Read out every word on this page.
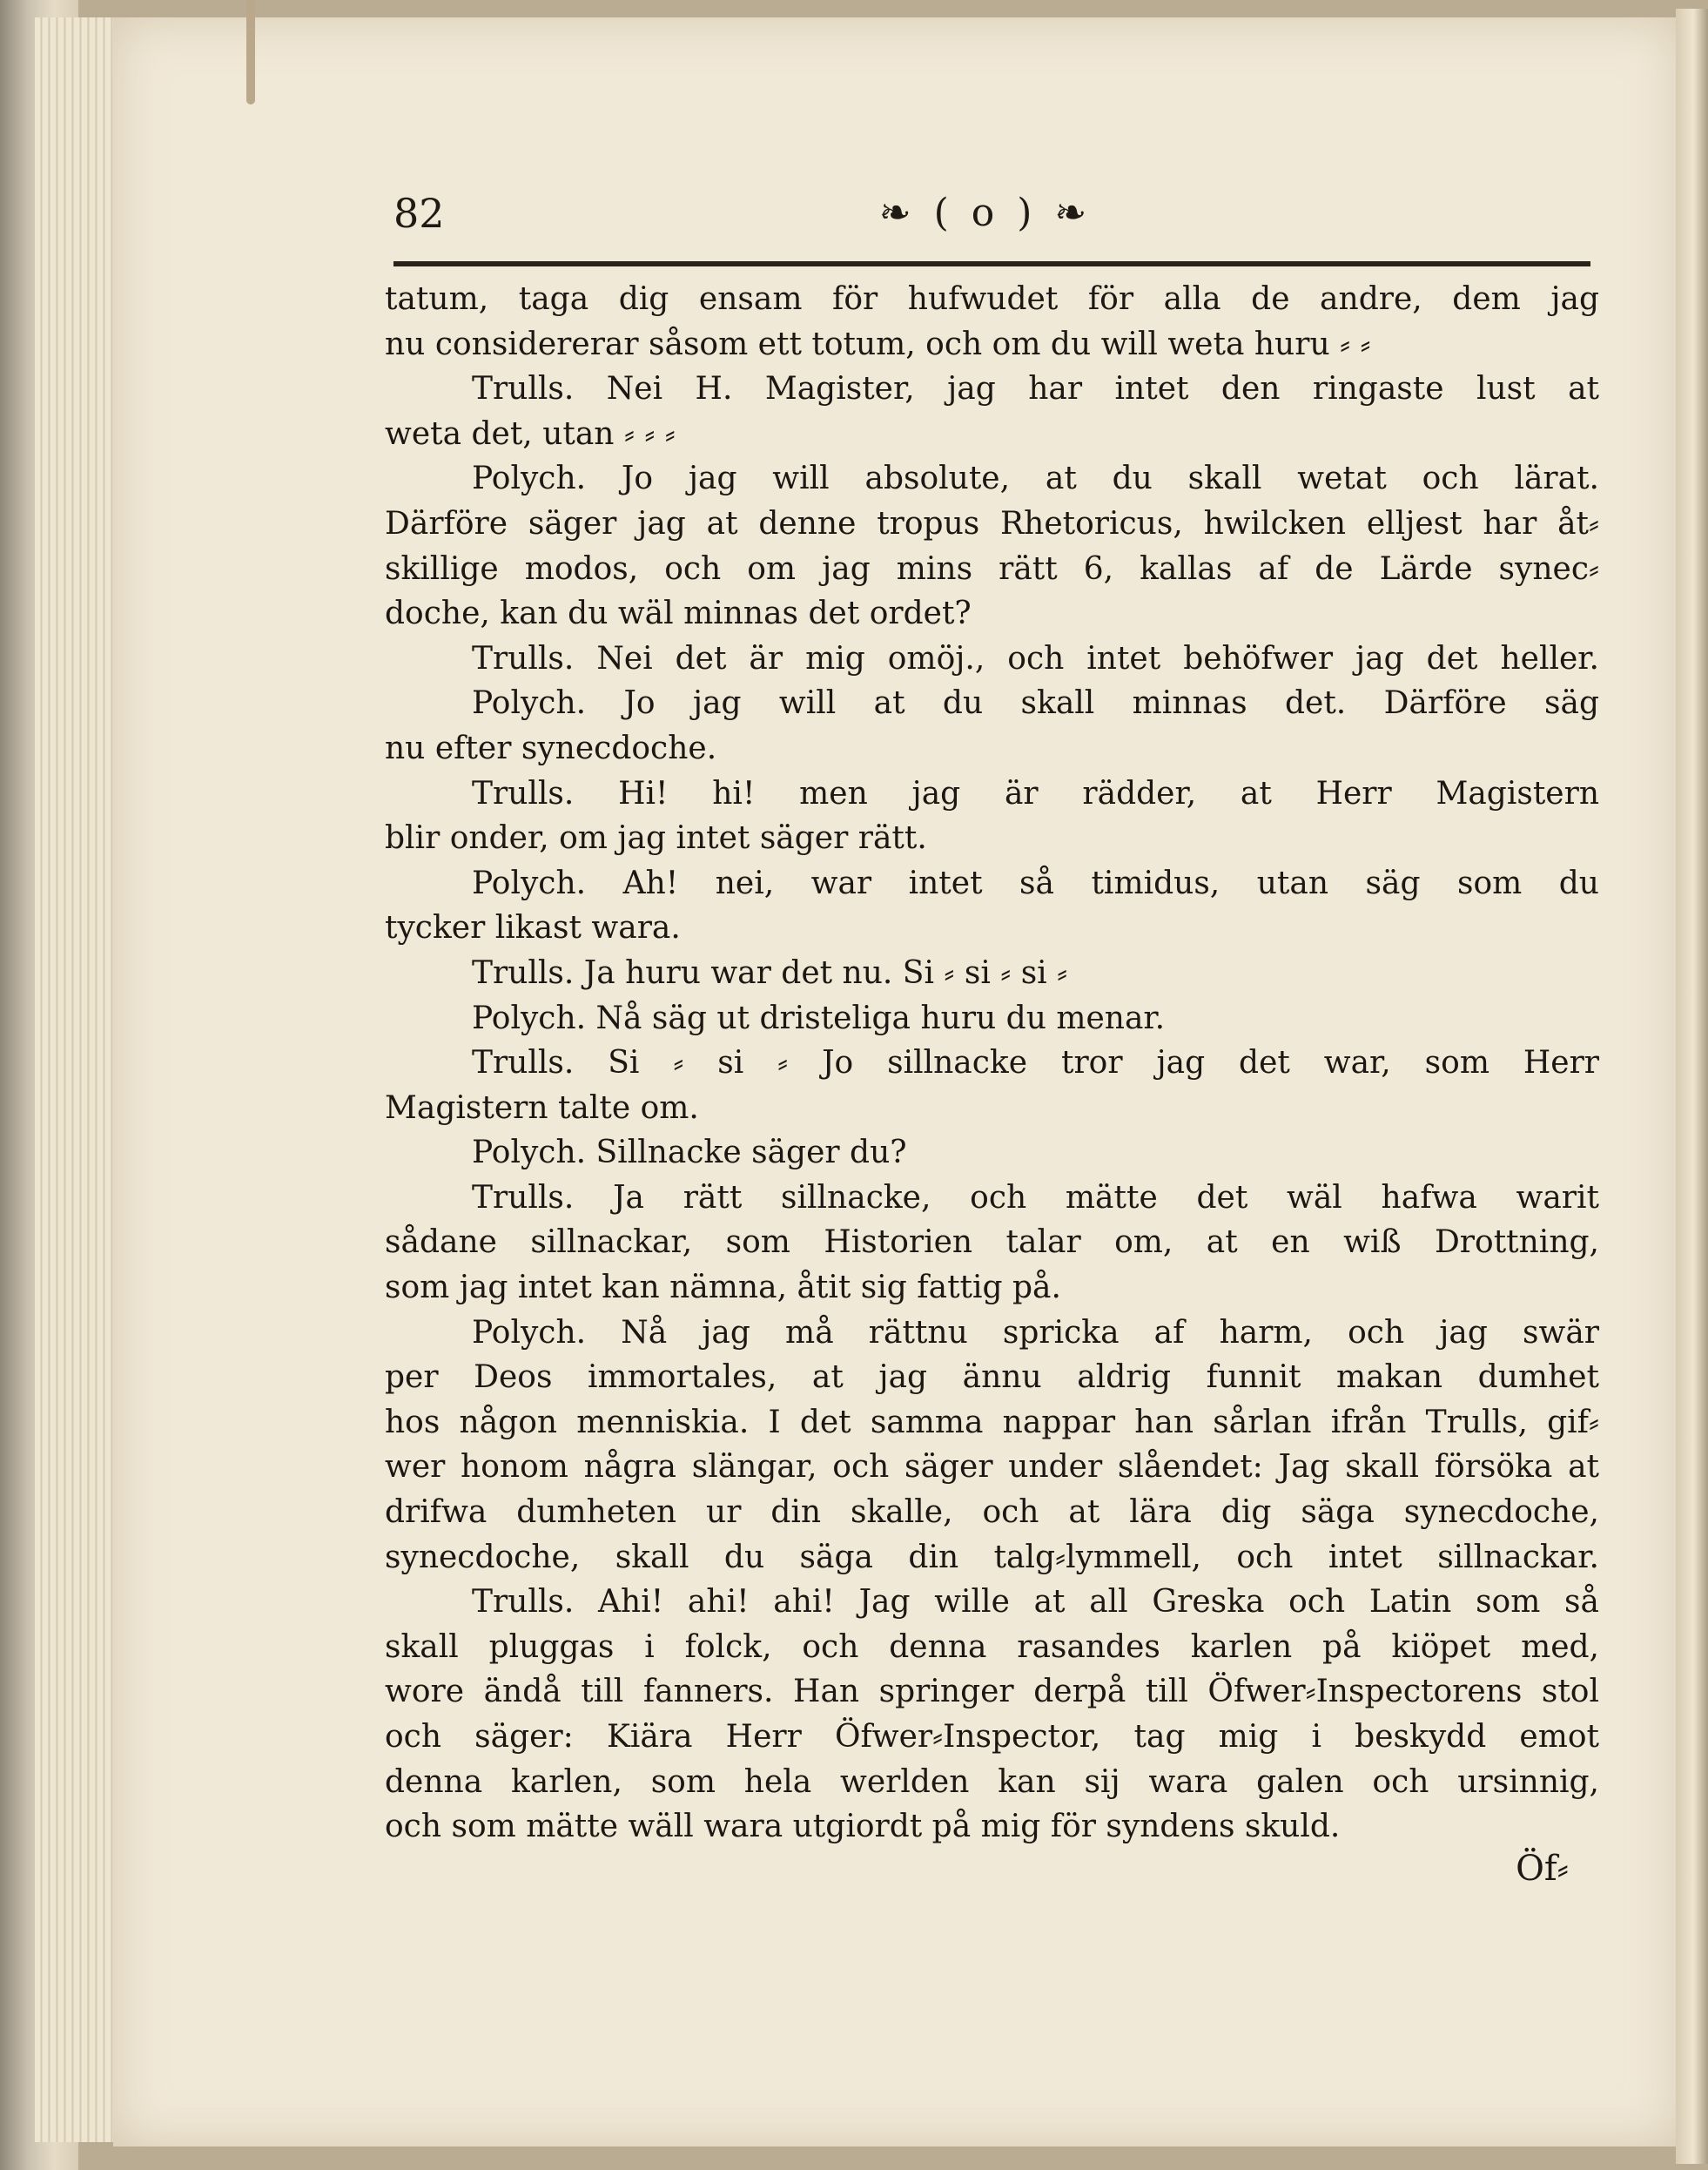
82	❧ ( o ) ❧
tatum, taga dig ensam för hufwudet för alla de andre, dem jag
nu considererar såsom ett totum, och om du will weta huru ⸗ ⸗
Trulls. Nei H. Magister, jag har intet den ringaste lust at
weta det, utan ⸗ ⸗ ⸗
Polych. Jo jag will absolute, at du skall wetat och lärat.
Därföre säger jag at denne tropus Rhetoricus, hwilcken elljest har åt⸗
skillige modos, och om jag mins rätt 6, kallas af de Lärde synec⸗
doche, kan du wäl minnas det ordet?
Trulls. Nei det är mig omöj., och intet behöfwer jag det heller.
Polych. Jo jag will at du skall minnas det. Därföre säg
nu efter synecdoche.
Trulls. Hi! hi! men jag är rädder, at Herr Magistern
blir onder, om jag intet säger rätt.
Polych. Ah! nei, war intet så timidus, utan säg som du
tycker likast wara.
Trulls. Ja huru war det nu. Si ⸗ si ⸗ si ⸗
Polych. Nå säg ut dristeliga huru du menar.
Trulls. Si ⸗ si ⸗ Jo sillnacke tror jag det war, som Herr
Magistern talte om.
Polych. Sillnacke säger du?
Trulls. Ja rätt sillnacke, och mätte det wäl hafwa warit
sådane sillnackar, som Historien talar om, at en wiß Drottning,
som jag intet kan nämna, åtit sig fattig på.
Polych. Nå jag må rättnu spricka af harm, och jag swär
per Deos immortales, at jag ännu aldrig funnit makan dumhet
hos någon menniskia. I det samma nappar han sårlan ifrån Trulls, gif⸗
wer honom några slängar, och säger under slåendet: Jag skall försöka at
drifwa dumheten ur din skalle, och at lära dig säga synecdoche,
synecdoche, skall du säga din talg⸗lymmell, och intet sillnackar.
Trulls. Ahi! ahi! ahi! Jag wille at all Greska och Latin som så
skall pluggas i folck, och denna rasandes karlen på kiöpet med,
wore ändå till fanners. Han springer derpå till Öfwer⸗Inspectorens stol
och säger: Kiära Herr Öfwer⸗Inspector, tag mig i beskydd emot
denna karlen, som hela werlden kan sij wara galen och ursinnig,
och som mätte wäll wara utgiordt på mig för syndens skuld.
Öf⸗
